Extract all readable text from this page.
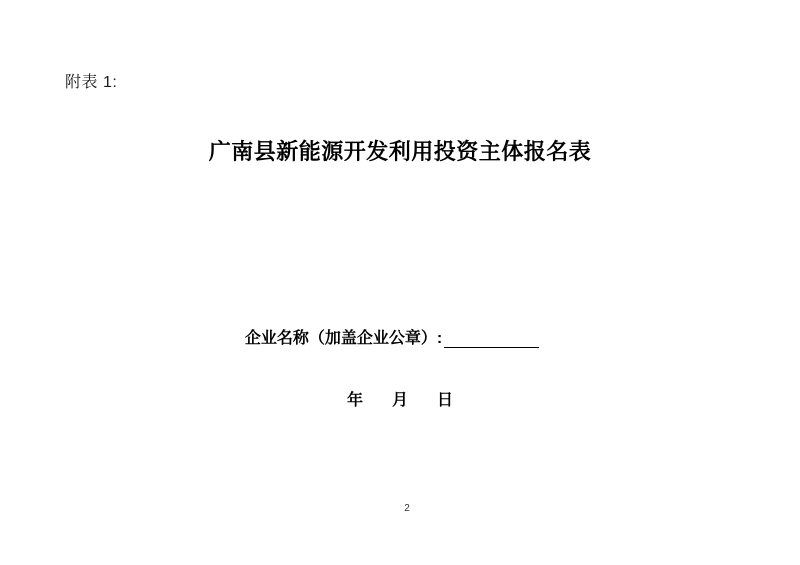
附表 1:
广南县新能源开发利用投资主体报名表
企业名称（加盖企业公章）:
年 月 日
2
